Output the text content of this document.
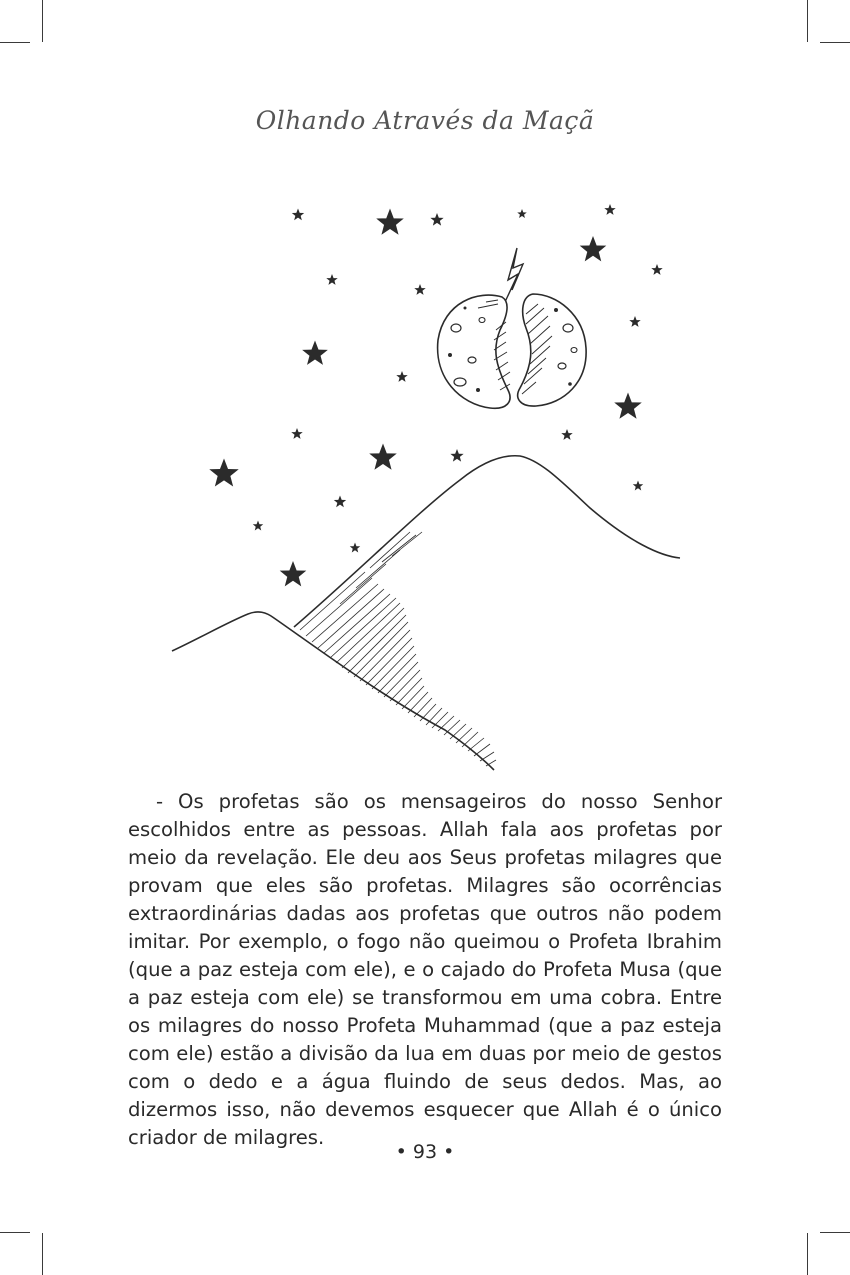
Olhando Através da Maçã

- Os profetas são os mensageiros do nosso Senhor escolhidos entre as pessoas. Allah fala aos profetas por meio da revelação. Ele deu aos Seus profetas milagres que provam que eles são profetas. Milagres são ocorrências extraordinárias dadas aos profetas que outros não podem imitar. Por exemplo, o fogo não queimou o Profeta Ibrahim (que a paz esteja com ele), e o cajado do Profeta Musa (que a paz esteja com ele) se transformou em uma cobra. Entre os milagres do nosso Profeta Muhammad (que a paz esteja com ele) estão a divisão da lua em duas por meio de gestos com o dedo e a água fluindo de seus dedos. Mas, ao dizermos isso, não devemos esquecer que Allah é o único criador de milagres.

• 93 •
